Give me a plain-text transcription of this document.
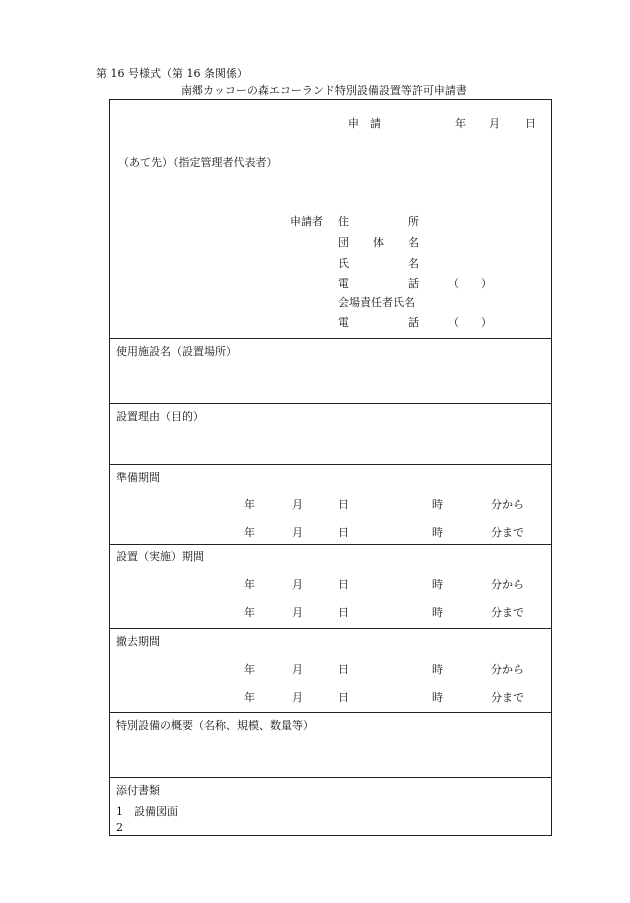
第 16 号様式（第 16 条関係）
南郷カッコーの森エコーランド特別設備設置等許可申請書
申　請	年 月 日
（あて先）（指定管理者代表者）
申請者 住	所
団 体 名
氏	名
電	話	（　　）
会場責任者氏名
電	話	（　　）
使用施設名（設置場所）
設置理由（目的）
準備期間
年	月	日	時	分から
年	月	日	時	分まで
設置（実施）期間
年	月	日	時	分から
年	月	日	時	分まで
撤去期間
年	月	日	時	分から
年	月	日	時	分まで
特別設備の概要（名称、規模、数量等）
添付書類
1　設備図面
2
